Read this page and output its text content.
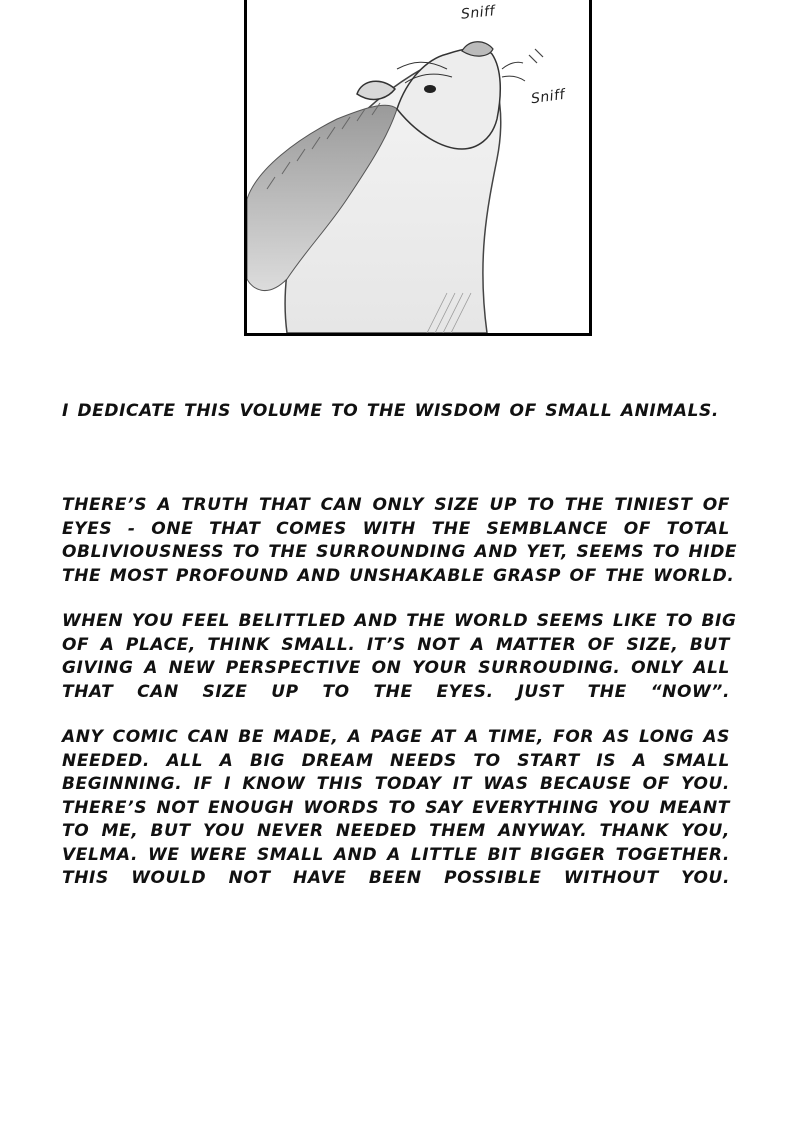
Sniff
Sniff
I DEDICATE THIS VOLUME TO THE WISDOM OF SMALL ANIMALS.
THERE’S A TRUTH THAT CAN ONLY SIZE UP TO THE TINIEST OF
EYES - ONE THAT COMES WITH THE SEMBLANCE OF TOTAL
OBLIVIOUSNESS TO THE SURROUNDING AND YET, SEEMS TO HIDE
THE MOST PROFOUND AND UNSHAKABLE GRASP OF THE WORLD.
WHEN YOU FEEL BELITTLED AND THE WORLD SEEMS LIKE TO BIG
OF A PLACE, THINK SMALL. IT’S NOT A MATTER OF SIZE, BUT
GIVING A NEW PERSPECTIVE ON YOUR SURROUDING. ONLY ALL
THAT CAN SIZE UP TO THE EYES. JUST THE “NOW”.
ANY COMIC CAN BE MADE, A PAGE AT A TIME, FOR AS LONG AS
NEEDED. ALL A BIG DREAM NEEDS TO START IS A SMALL
BEGINNING. IF I KNOW THIS TODAY IT WAS BECAUSE OF YOU.
THERE’S NOT ENOUGH WORDS TO SAY EVERYTHING YOU MEANT
TO ME, BUT YOU NEVER NEEDED THEM ANYWAY. THANK YOU,
VELMA. WE WERE SMALL AND A LITTLE BIT BIGGER TOGETHER.
THIS WOULD NOT HAVE BEEN POSSIBLE WITHOUT YOU.
